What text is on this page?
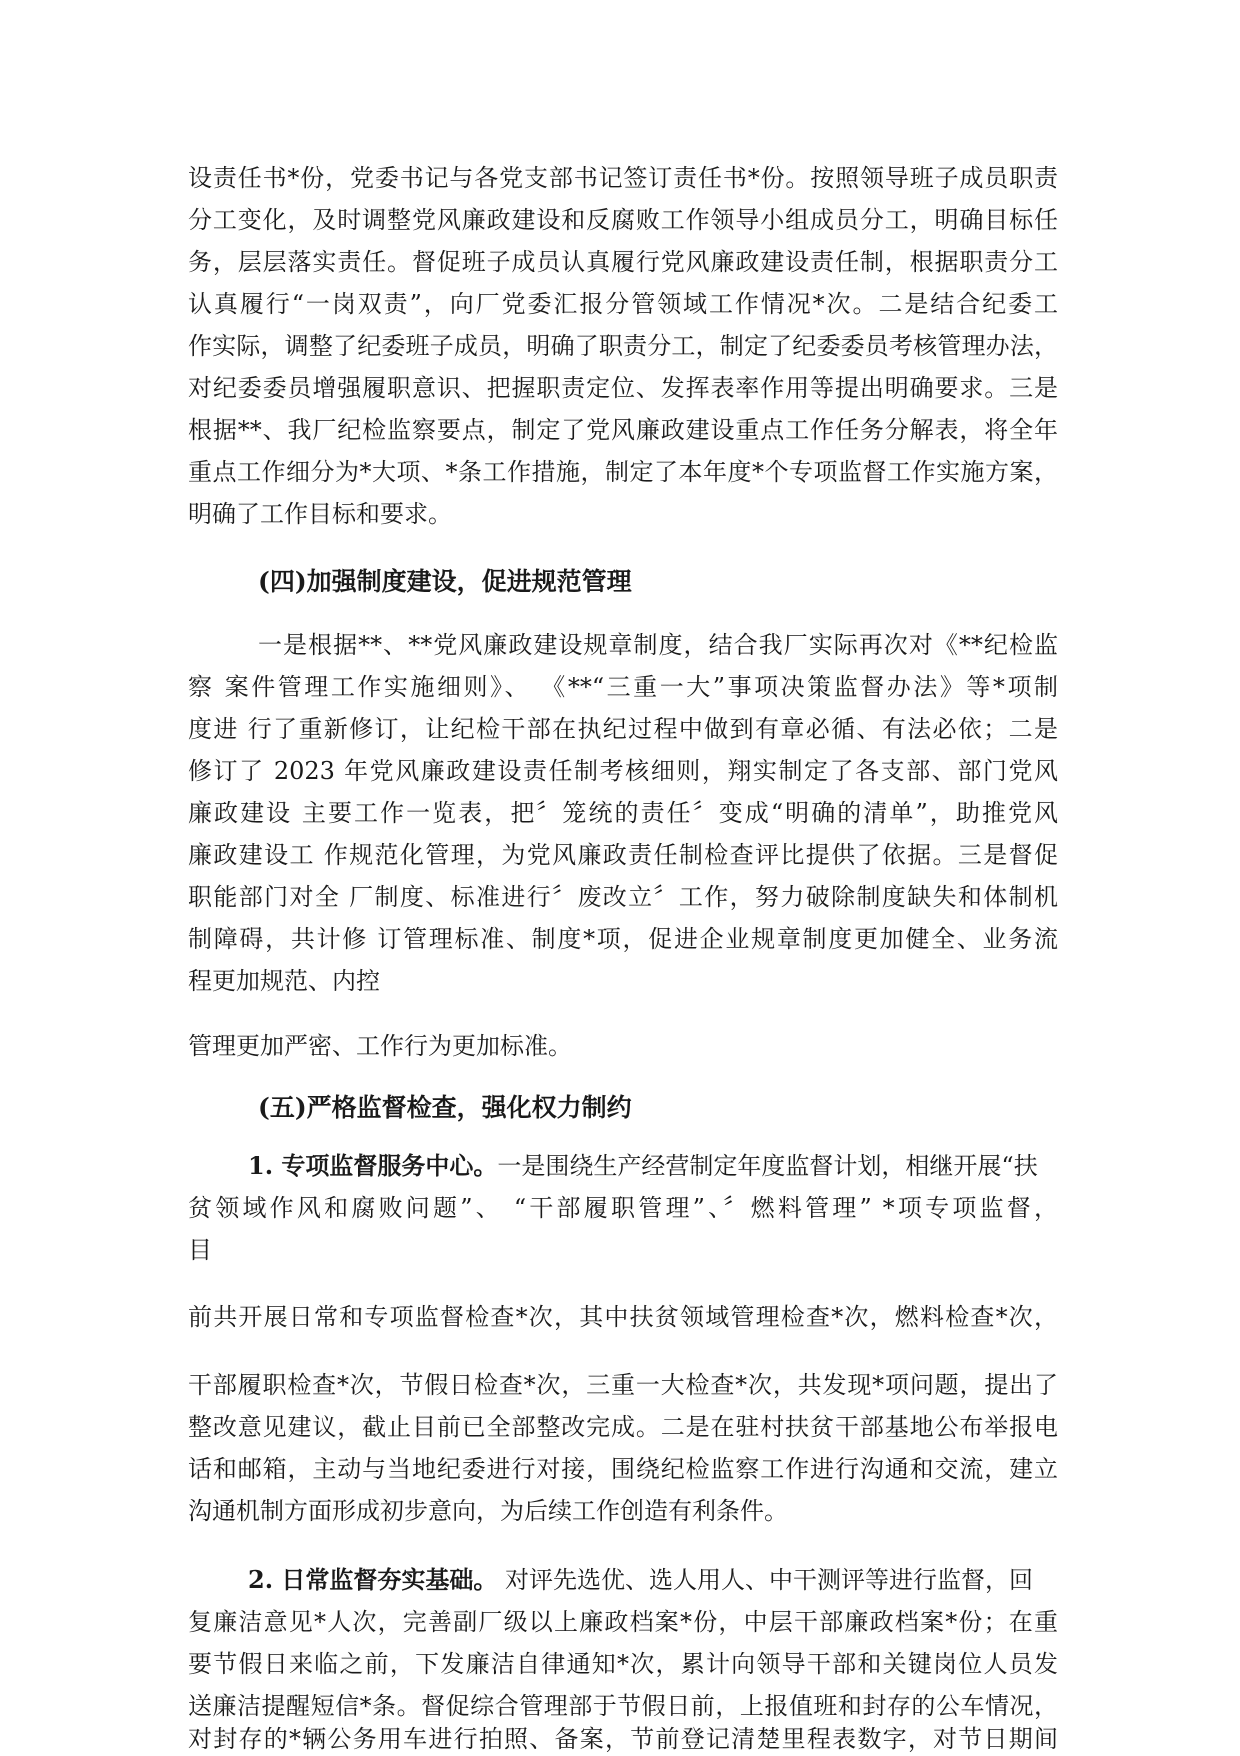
设责任书*份，党委书记与各党支部书记签订责任书*份。按照领导班子成员职责
分工变化，及时调整党风廉政建设和反腐败工作领导小组成员分工，明确目标任
务，层层落实责任。督促班子成员认真履行党风廉政建设责任制，根据职责分工
认真履行“一岗双责”，向厂党委汇报分管领域工作情况*次。二是结合纪委工
作实际，调整了纪委班子成员，明确了职责分工，制定了纪委委员考核管理办法，
对纪委委员增强履职意识、把握职责定位、发挥表率作用等提出明确要求。三是
根据**、我厂纪检监察要点，制定了党风廉政建设重点工作任务分解表，将全年
重点工作细分为*大项、*条工作措施，制定了本年度*个专项监督工作实施方案，
明确了工作目标和要求。
(四)加强制度建设，促进规范管理
一是根据**、**党风廉政建设规章制度，结合我厂实际再次对《**纪检监
察 案件管理工作实施细则》、 《**“三重一大”事项决策监督办法》等*项制
度进 行了重新修订，让纪检干部在执纪过程中做到有章必循、有法必依；二是
修订了 2023 年党风廉政建设责任制考核细则，翔实制定了各支部、部门党风
廉政建设 主要工作一览表，把〞笼统的责任〞变成“明确的清单”，助推党风
廉政建设工 作规范化管理，为党风廉政责任制检查评比提供了依据。三是督促
职能部门对全 厂制度、标准进行〞废改立〞工作，努力破除制度缺失和体制机
制障碍，共计修 订管理标准、制度*项，促进企业规章制度更加健全、业务流
程更加规范、内控
管理更加严密、工作行为更加标准。
(五)严格监督检查，强化权力制约
1. 专项监督服务中心。一是围绕生产经营制定年度监督计划，相继开展“扶
贫领域作风和腐败问题”、 “干部履职管理”、〞燃料管理” *项专项监督，
目
前共开展日常和专项监督检查*次，其中扶贫领域管理检查*次，燃料检查*次，
干部履职检查*次，节假日检查*次，三重一大检查*次，共发现*项问题，提出了
整改意见建议，截止目前已全部整改完成。二是在驻村扶贫干部基地公布举报电
话和邮箱，主动与当地纪委进行对接，围绕纪检监察工作进行沟通和交流，建立
沟通机制方面形成初步意向，为后续工作创造有利条件。
2. 日常监督夯实基础。 对评先选优、选人用人、中干测评等进行监督，回
复廉洁意见*人次，完善副厂级以上廉政档案*份，中层干部廉政档案*份；在重
要节假日来临之前，下发廉洁自律通知*次，累计向领导干部和关键岗位人员发
送廉洁提醒短信*条。督促综合管理部于节假日前，上报值班和封存的公车情况，
对封存的*辆公务用车进行拍照、备案，节前登记清楚里程表数字，对节日期间
